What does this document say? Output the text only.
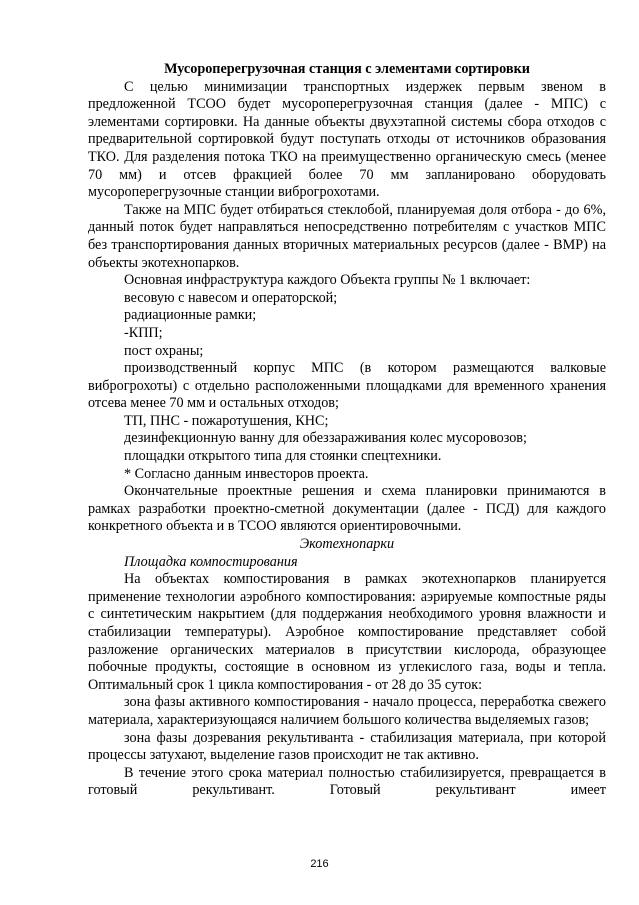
Мусороперегрузочная станция с элементами сортировки

С целью минимизации транспортных издержек первым звеном в предложенной ТСОО будет мусороперегрузочная станция (далее - МПС) с элементами сортировки. На данные объекты двухэтапной системы сбора отходов с предварительной сортировкой будут поступать отходы от источников образования ТКО. Для разделения потока ТКО на преимущественно органическую смесь (менее 70 мм) и отсев фракцией более 70 мм запланировано оборудовать мусороперегрузочные станции виброгрохотами.

Также на МПС будет отбираться стеклобой, планируемая доля отбора - до 6%, данный поток будет направляться непосредственно потребителям с участков МПС без транспортирования данных вторичных материальных ресурсов (далее - ВМР) на объекты экотехнопарков.

Основная инфраструктура каждого Объекта группы № 1 включает:

весовую с навесом и операторской;

радиационные рамки;

-КПП;

пост охраны;

производственный корпус МПС (в котором размещаются валковые виброгрохоты) с отдельно расположенными площадками для временного хранения отсева менее 70 мм и остальных отходов;

ТП, ПНС - пожаротушения, КНС;

дезинфекционную ванну для обеззараживания колес мусоровозов;

площадки открытого типа для стоянки спецтехники.

* Согласно данным инвесторов проекта.

Окончательные проектные решения и схема планировки принимаются в рамках разработки проектно-сметной документации (далее - ПСД) для каждого конкретного объекта и в ТСОО являются ориентировочными.

Экотехнопарки

Площадка компостирования

На объектах компостирования в рамках экотехнопарков планируется применение технологии аэробного компостирования: аэрируемые компостные ряды с синтетическим накрытием (для поддержания необходимого уровня влажности и стабилизации температуры). Аэробное компостирование представляет собой разложение органических материалов в присутствии кислорода, образующее побочные продукты, состоящие в основном из углекислого газа, воды и тепла. Оптимальный срок 1 цикла компостирования - от 28 до 35 суток:

зона фазы активного компостирования - начало процесса, переработка свежего материала, характеризующаяся наличием большого количества выделяемых газов;

зона фазы дозревания рекультиванта - стабилизация материала, при которой процессы затухают, выделение газов происходит не так активно.

В течение этого срока материал полностью стабилизируется, превращается в готовый рекультивант. Готовый рекультивант имеет

216
